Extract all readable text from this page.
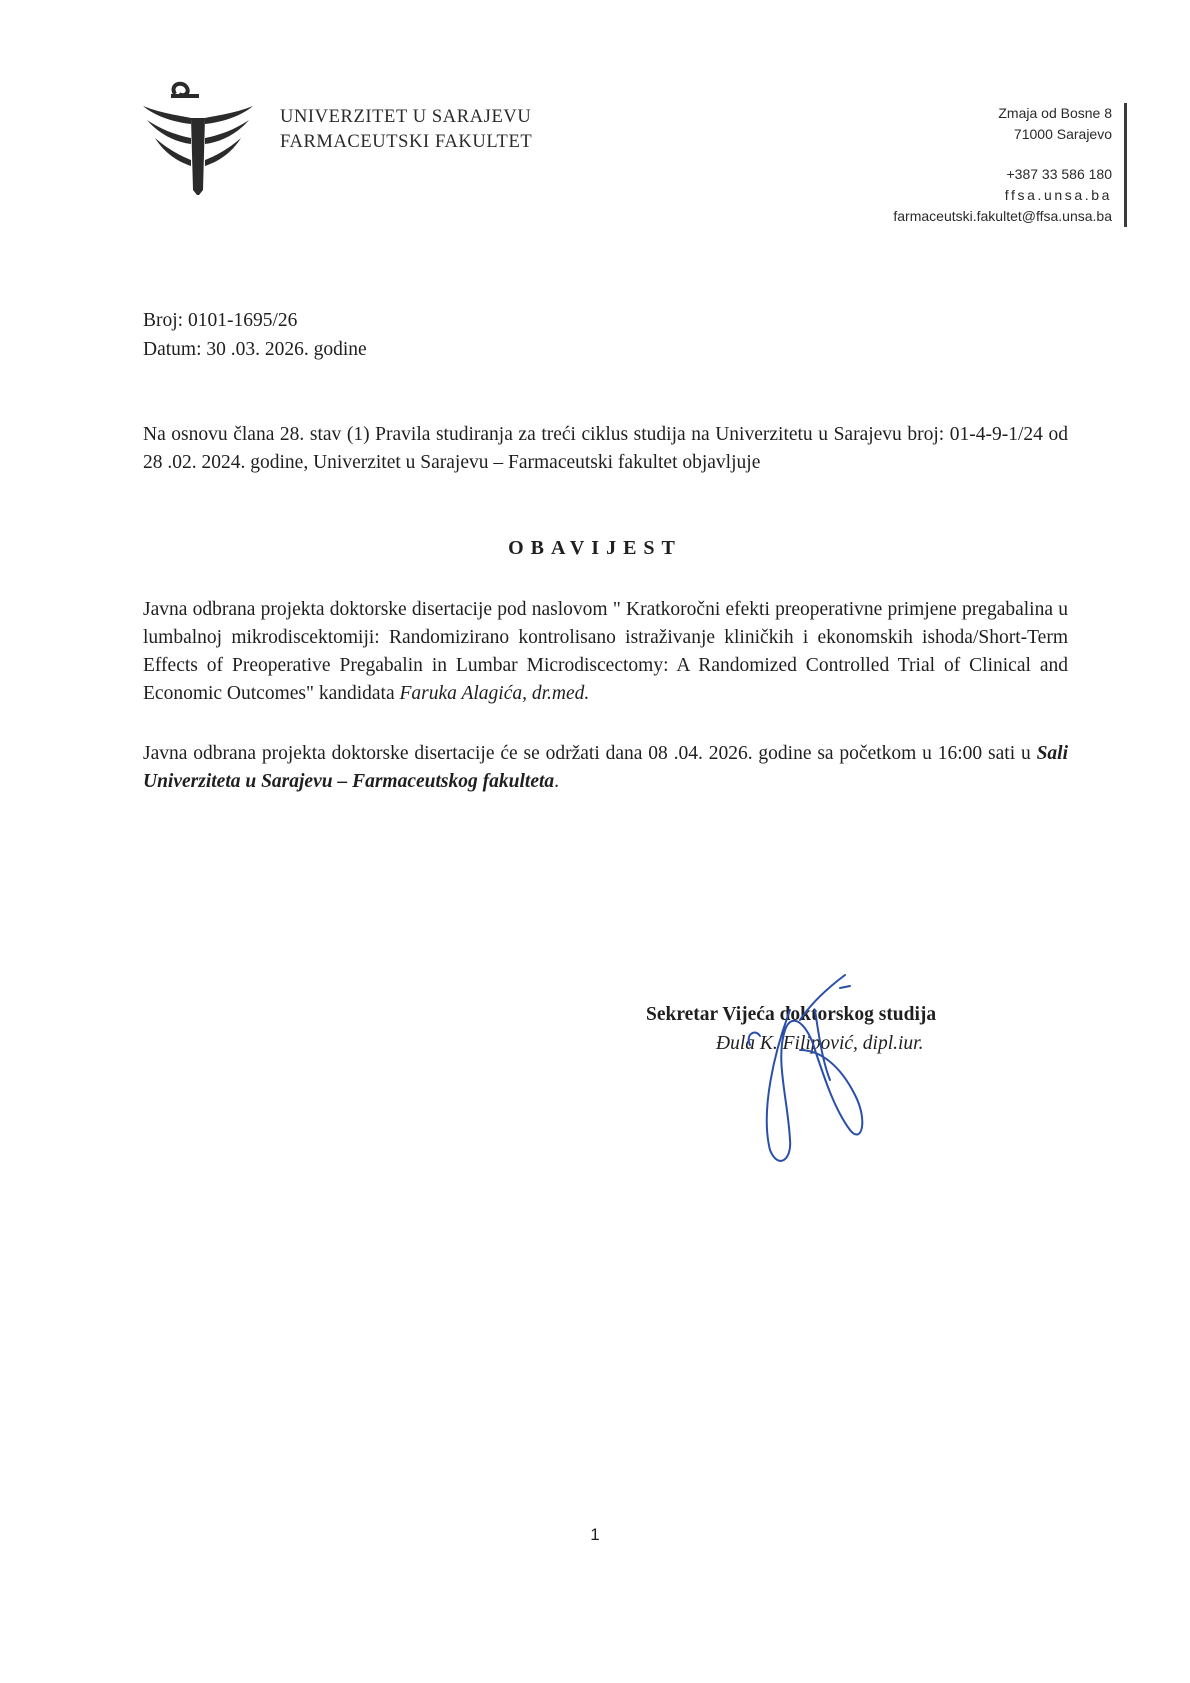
UNIVERZITET U SARAJEVU
FARMACEUTSKI FAKULTET
Zmaja od Bosne 8
71000 Sarajevo
+387 33 586 180
ffsa.unsa.ba
farmaceutski.fakultet@ffsa.unsa.ba
Broj: 0101-1695/26
Datum: 30 .03. 2026. godine
Na osnovu člana 28. stav (1) Pravila studiranja za treći ciklus studija na Univerzitetu u Sarajevu broj: 01-4-9-1/24 od 28 .02. 2024. godine, Univerzitet u Sarajevu – Farmaceutski fakultet objavljuje
OBAVIJEST
Javna odbrana projekta doktorske disertacije pod naslovom " Kratkoročni efekti preoperativne primjene pregabalina u lumbalnoj mikrodiscektomiji: Randomizirano kontrolisano istraživanje kliničkih i ekonomskih ishoda/Short-Term Effects of Preoperative Pregabalin in Lumbar Microdiscectomy: A Randomized Controlled Trial of Clinical and Economic Outcomes" kandidata Faruka Alagića, dr.med.
Javna odbrana projekta doktorske disertacije će se održati dana 08 .04. 2026. godine sa početkom u 16:00 sati u Sali Univerziteta u Sarajevu – Farmaceutskog fakulteta.
Sekretar Vijeća doktorskog studija
Đula K. Filipović, dipl.iur.
1
